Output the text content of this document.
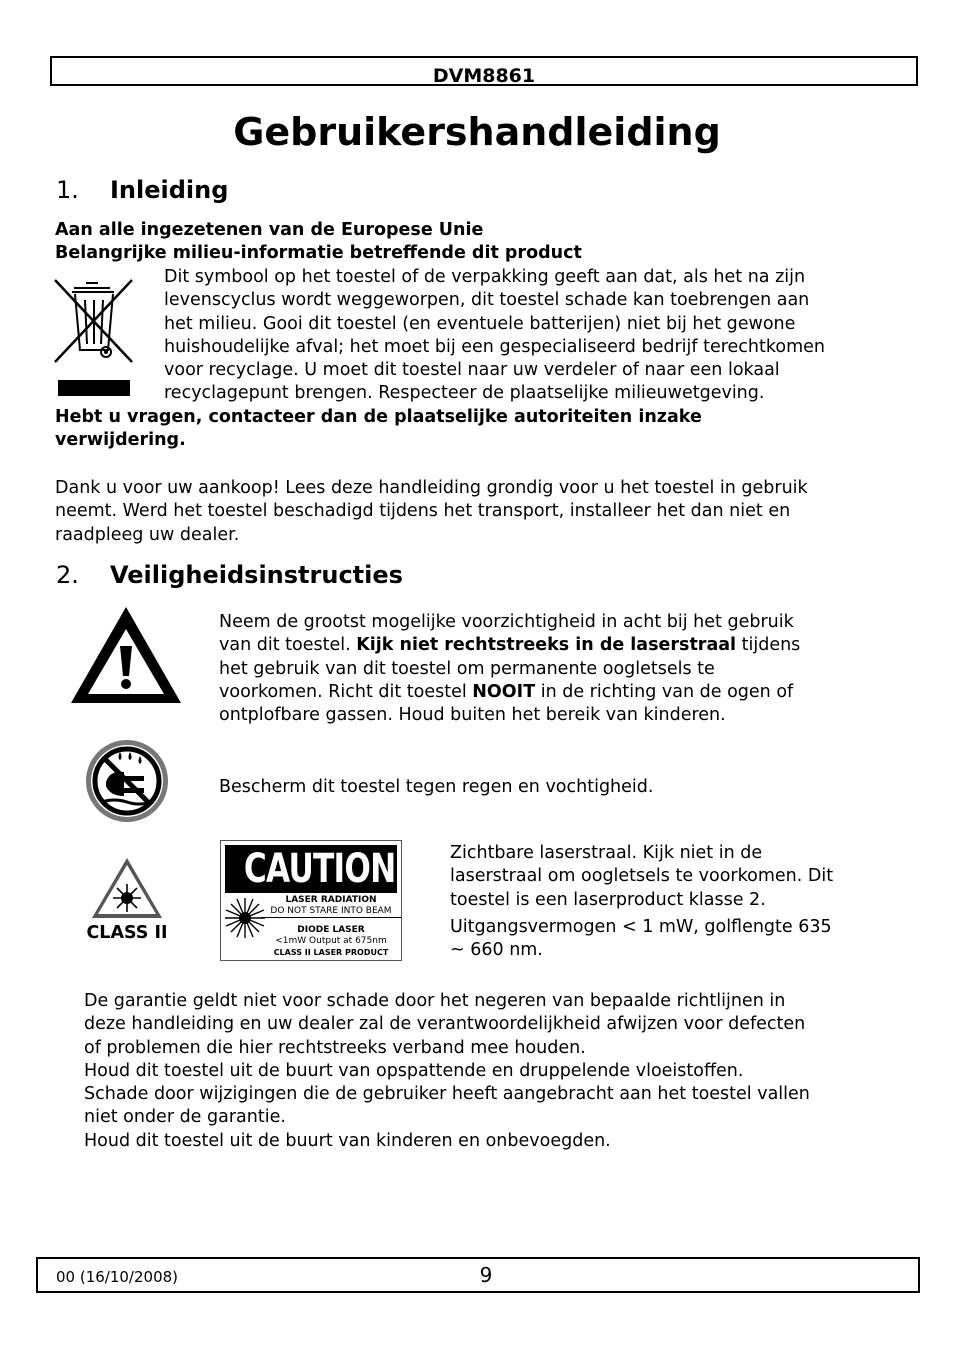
DVM8861
Gebruikershandleiding
1. Inleiding
Aan alle ingezetenen van de Europese Unie
Belangrijke milieu-informatie betreffende dit product
Dit symbool op het toestel of de verpakking geeft aan dat, als het na zijn
levenscyclus wordt weggeworpen, dit toestel schade kan toebrengen aan
het milieu. Gooi dit toestel (en eventuele batterijen) niet bij het gewone
huishoudelijke afval; het moet bij een gespecialiseerd bedrijf terechtkomen
voor recyclage. U moet dit toestel naar uw verdeler of naar een lokaal
recyclagepunt brengen. Respecteer de plaatselijke milieuwetgeving.
Hebt u vragen, contacteer dan de plaatselijke autoriteiten inzake
verwijdering.
Dank u voor uw aankoop! Lees deze handleiding grondig voor u het toestel in gebruik
neemt. Werd het toestel beschadigd tijdens het transport, installeer het dan niet en
raadpleeg uw dealer.
2. Veiligheidsinstructies
Neem de grootst mogelijke voorzichtigheid in acht bij het gebruik
van dit toestel. Kijk niet rechtstreeks in de laserstraal tijdens
het gebruik van dit toestel om permanente oogletsels te
voorkomen. Richt dit toestel NOOIT in de richting van de ogen of
ontplofbare gassen. Houd buiten het bereik van kinderen.
Bescherm dit toestel tegen regen en vochtigheid.
CLASS II
CAUTION
LASER RADIATION
DO NOT STARE INTO BEAM
DIODE LASER
<1mW Output at 675nm
CLASS II LASER PRODUCT
Zichtbare laserstraal. Kijk niet in de
laserstraal om oogletsels te voorkomen. Dit
toestel is een laserproduct klasse 2.
Uitgangsvermogen < 1 mW, golflengte 635
~ 660 nm.
De garantie geldt niet voor schade door het negeren van bepaalde richtlijnen in
deze handleiding en uw dealer zal de verantwoordelijkheid afwijzen voor defecten
of problemen die hier rechtstreeks verband mee houden.
Houd dit toestel uit de buurt van opspattende en druppelende vloeistoffen.
Schade door wijzigingen die de gebruiker heeft aangebracht aan het toestel vallen
niet onder de garantie.
Houd dit toestel uit de buurt van kinderen en onbevoegden.
00 (16/10/2008)	9
